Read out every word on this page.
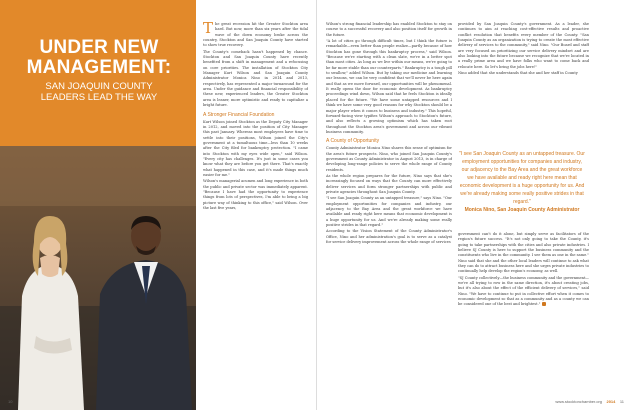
UNDER NEW
MANAGEMENT:
SAN JOAQUIN COUNTY
LEADERS LEAD THE WAY

The great recession hit the Greater Stockton area hard. But now, more than six years after the tidal wave of the down economy broke across the country, Stockton and San Joaquin County have started to show true recovery.

The County's comeback hasn't happened by chance. Stockton and San Joaquin County have recently benefited from a shift in management and a refocusing on core priorities. The installation of Stockton City Manager Kurt Wilson and San Joaquin County Administrator Monica Nino in 2014 and 2013, respectively, has represented a major turnaround for the area. Under the guidance and financial responsibility of these new, experienced leaders, the Greater Stockton area is leaner, more optimistic and ready to capitalize a bright future.

A Stronger Financial Foundation

Kurt Wilson joined Stockton as the Deputy City Manager in 2012, and moved into the position of City Manager this past January. Whereas most employees have time to settle into their positions, Wilson joined the City's government at a tumultuous time—less than 10 weeks after the City filed for bankruptcy protection. "I came into Stockton with my eyes wide open," said Wilson. "Every city has challenges. It's just in some cases you know what they are before you get there. That's exactly what happened in this case, and it's made things much easier for me."

Wilson's managerial acumen and long experience in both the public and private sector was immediately apparent. "Because I have had the opportunity to experience things from lots of perspectives, I'm able to bring a big picture way of thinking to this office," said Wilson. Over the last five years,

Wilson's strong financial leadership has enabled Stockton to stay on course to a successful recovery and also position itself for growth in the future.

"A lot of cities go through difficult times, but I think the future is remarkable—even better than people realize—partly because of how Stockton has gone through this bankruptcy process," said Wilson. "Because we're starting with a clean slate, we're in a better spot than most cities. As long as we live within our means, we're going to be far more stable than our counterparts." Bankruptcy is a tough pill to swallow," added Wilson. But by taking our medicine and learning our lessons, we can be very confident that we'll never be here again and that as we move forward, our opportunities will be phenomenal. It really opens the door for economic development. As bankruptcy proceedings wind down, Wilson said that he feels Stockton is ideally placed for the future. "We have some untapped resources and I think we have some very good reasons for why Stockton should be a major player when it comes to business and industry." This hopeful, forward-facing view typifies Wilson's approach to Stockton's future, and also reflects a growing optimism which has taken root throughout the Stockton area's government and across our vibrant business community.

A County of Opportunity

County Administrator Monica Nino shares this sense of optimism for the area's future prospects. Nino, who joined San Joaquin County's government as County Administrator in August 2013, is in charge of developing long-range policies to serve the whole range of County residents.

As the whole region prepares for the future, Nino says that she's increasingly focused on ways that the County can more effectively deliver services and form stronger partnerships with public and private agencies throughout San Joaquin County.

"I see San Joaquin County as an untapped treasure," says Nino. "Our employment opportunities for companies and industry, our adjacency to the Bay Area and the great workforce we have available and ready right here means that economic development is a huge opportunity for us. And we're already making some really positive strides in that regard."

According to the Vision Statement of the County Administrator's Office, Nino and her administration's goal is to serve as a catalyst for service delivery improvement across the whole range of services

provided by San Joaquin County's government. As a leader, she continues to aim at reaching cost-effective results and proactive conflict resolution that benefits every member of the County. "San Joaquin County as an organization is trying to create the most effective delivery of services to the community," said Nino. "Our Board and staff are very focused on prioritizing our service delivery mindset and are also looking into the future because we recognize that we're located in a really prime area and we have folks who want to come back and relocate here. So let's bring the jobs here!"

Nino added that she understands that she and her staff in County

"I see San Joaquin County as an untapped treasure. Our employment opportunities for companies and industry, our adjacency to the Bay Area and the great workforce we have available and ready right here mean that economic development is a huge opportunity for us. And we're already making some really positive strides in that regard."
Monica Nino, San Joaquin County Administrator

government can't do it alone, but simply serve as facilitators of the region's future success. "It's not only going to take the County, it's going to take partnerships with the cities and also private industries. I believe SJ County is here to support the business community and the constituents who live in the community. I see them as one in the same." Nino said that she and the other local leaders will continue to ask what they can do to attract business here and she urges private industries to continually help develop the region's economy, as well.

"SJ County collectively—the business community and the government—we're all trying to row in the same direction, it's about creating jobs, but it's also about the effect of the efficient delivery of services," said Nino. "We have to continue to put in collective effort when it comes to economic development so that as a community and as a county we can be considered one of the best and brightest."

10	www.stocktonchamber.org 2014 11
